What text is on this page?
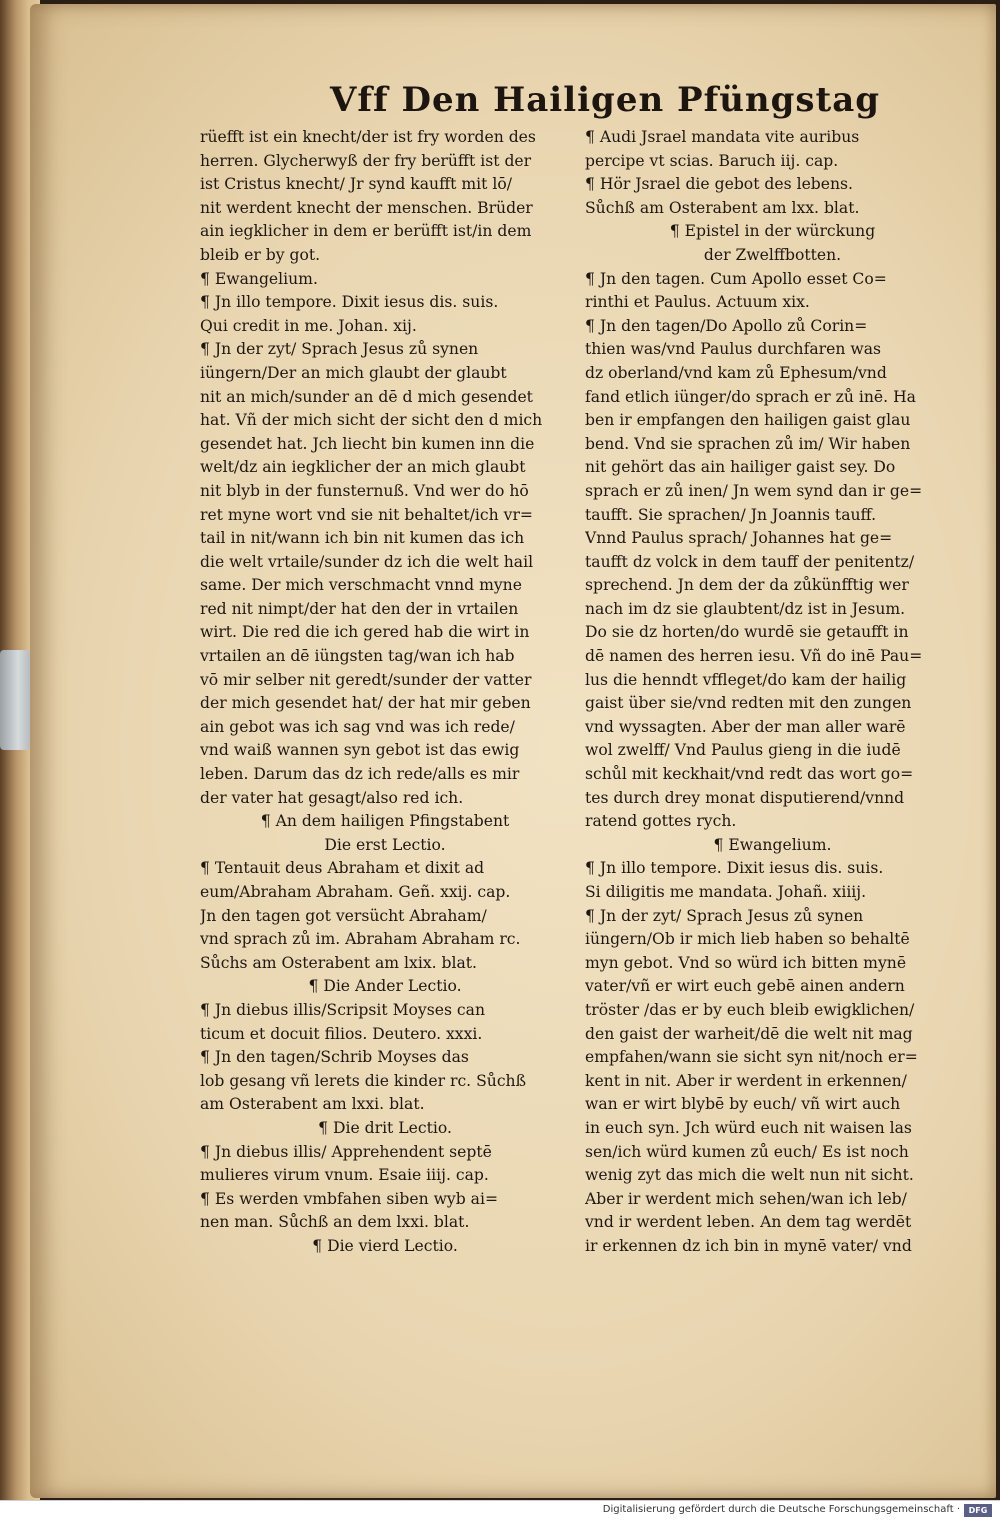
Vff Den Hailigen Pfüngstag
rüefft ist ein knecht/der ist fry worden des
herren. Glycherwyß der fry berüfft ist der
ist Cristus knecht/ Jr synd kaufft mit lō/
nit werdent knecht der menschen. Brüder
ain iegklicher in dem er berüfft ist/in dem
bleib er by got.
¶ Ewangelium.
¶ Jn illo tempore. Dixit iesus dis. suis.
Qui credit in me. Johan. xij.
¶ Jn der zyt/ Sprach Jesus zů synen
iüngern/Der an mich glaubt der glaubt
nit an mich/sunder an dē d mich gesendet
hat. Vñ der mich sicht der sicht den d mich
gesendet hat. Jch liecht bin kumen inn die
welt/dz ain iegklicher der an mich glaubt
nit blyb in der funsternuß. Vnd wer do hō
ret myne wort vnd sie nit behaltet/ich vr=
tail in nit/wann ich bin nit kumen das ich
die welt vrtaile/sunder dz ich die welt hail
same. Der mich verschmacht vnnd myne
red nit nimpt/der hat den der in vrtailen
wirt. Die red die ich gered hab die wirt in
vrtailen an dē iüngsten tag/wan ich hab
vō mir selber nit geredt/sunder der vatter
der mich gesendet hat/ der hat mir geben
ain gebot was ich sag vnd was ich rede/
vnd waiß wannen syn gebot ist das ewig
leben. Darum das dz ich rede/alls es mir
der vater hat gesagt/also red ich.
¶ An dem hailigen Pfingstabent
Die erst Lectio.
¶ Tentauit deus Abraham et dixit ad
eum/Abraham Abraham. Geñ. xxij. cap.
Jn den tagen got versücht Abraham/
vnd sprach zů im. Abraham Abraham rc.
Sůchs am Osterabent am lxix. blat.
¶ Die Ander Lectio.
¶ Jn diebus illis/Scripsit Moyses can
ticum et docuit filios. Deutero. xxxi.
¶ Jn den tagen/Schrib Moyses das
lob gesang vñ lerets die kinder rc. Sůchß
am Osterabent am lxxi. blat.
¶ Die drit Lectio.
¶ Jn diebus illis/ Apprehendent septē
mulieres virum vnum. Esaie iiij. cap.
¶ Es werden vmbfahen siben wyb ai=
nen man. Sůchß an dem lxxi. blat.
¶ Die vierd Lectio.
¶ Audi Jsrael mandata vite auribus
percipe vt scias. Baruch iij. cap.
¶ Hör Jsrael die gebot des lebens.
Sůchß am Osterabent am lxx. blat.
¶ Epistel in der würckung
der Zwelffbotten.
¶ Jn den tagen. Cum Apollo esset Co=
rinthi et Paulus. Actuum xix.
¶ Jn den tagen/Do Apollo zů Corin=
thien was/vnd Paulus durchfaren was
dz oberland/vnd kam zů Ephesum/vnd
fand etlich iünger/do sprach er zů inē. Ha
ben ir empfangen den hailigen gaist glau
bend. Vnd sie sprachen zů im/ Wir haben
nit gehört das ain hailiger gaist sey. Do
sprach er zů inen/ Jn wem synd dan ir ge=
taufft. Sie sprachen/ Jn Joannis tauff.
Vnnd Paulus sprach/ Johannes hat ge=
taufft dz volck in dem tauff der penitentz/
sprechend. Jn dem der da zůkünfftig wer
nach im dz sie glaubtent/dz ist in Jesum.
Do sie dz horten/do wurdē sie getaufft in
dē namen des herren iesu. Vñ do inē Pau=
lus die henndt vffleget/do kam der hailig
gaist über sie/vnd redten mit den zungen
vnd wyssagten. Aber der man aller warē
wol zwelff/ Vnd Paulus gieng in die iudē
schůl mit keckhait/vnd redt das wort go=
tes durch drey monat disputierend/vnnd
ratend gottes rych.
¶ Ewangelium.
¶ Jn illo tempore. Dixit iesus dis. suis.
Si diligitis me mandata. Johañ. xiiij.
¶ Jn der zyt/ Sprach Jesus zů synen
iüngern/Ob ir mich lieb haben so behaltē
myn gebot. Vnd so würd ich bitten mynē
vater/vñ er wirt euch gebē ainen andern
tröster /das er by euch bleib ewigklichen/
den gaist der warheit/dē die welt nit mag
empfahen/wann sie sicht syn nit/noch er=
kent in nit. Aber ir werdent in erkennen/
wan er wirt blybē by euch/ vñ wirt auch
in euch syn. Jch würd euch nit waisen las
sen/ich würd kumen zů euch/ Es ist noch
wenig zyt das mich die welt nun nit sicht.
Aber ir werdent mich sehen/wan ich leb/
vnd ir werdent leben. An dem tag werdēt
ir erkennen dz ich bin in mynē vater/ vnd
Digitalisierung gefördert durch die Deutsche Forschungsgemeinschaft ·	DFG
